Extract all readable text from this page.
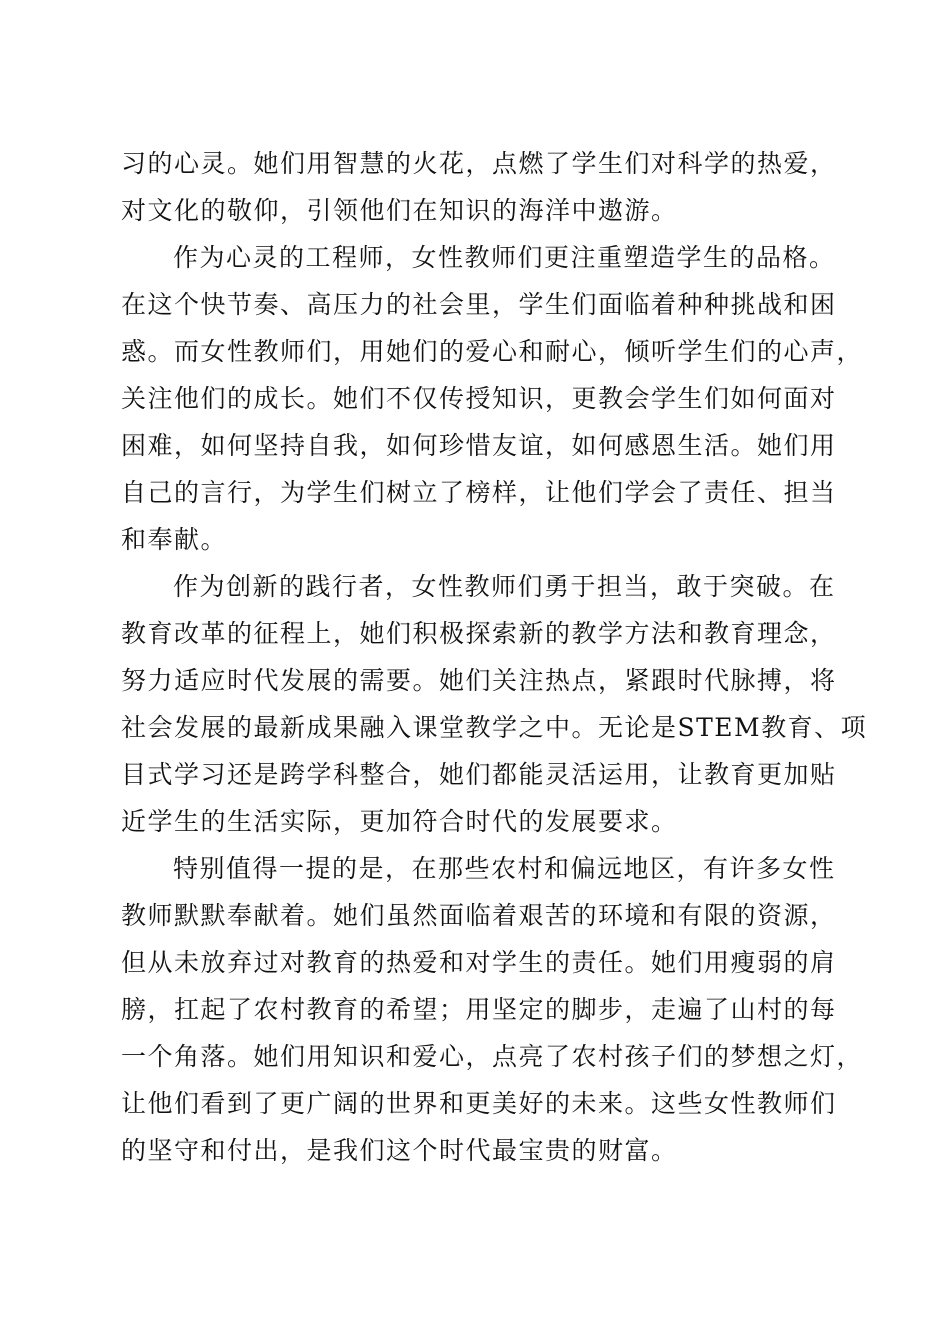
习的心灵。她们用智慧的火花，点燃了学生们对科学的热爱，
对文化的敬仰，引领他们在知识的海洋中遨游。
作为心灵的工程师，女性教师们更注重塑造学生的品格。
在这个快节奏、高压力的社会里，学生们面临着种种挑战和困
惑。而女性教师们，用她们的爱心和耐心，倾听学生们的心声，
关注他们的成长。她们不仅传授知识，更教会学生们如何面对
困难，如何坚持自我，如何珍惜友谊，如何感恩生活。她们用
自己的言行，为学生们树立了榜样，让他们学会了责任、担当
和奉献。
作为创新的践行者，女性教师们勇于担当，敢于突破。在
教育改革的征程上，她们积极探索新的教学方法和教育理念，
努力适应时代发展的需要。她们关注热点，紧跟时代脉搏，将
社会发展的最新成果融入课堂教学之中。无论是STEM教育、项
目式学习还是跨学科整合，她们都能灵活运用，让教育更加贴
近学生的生活实际，更加符合时代的发展要求。
特别值得一提的是，在那些农村和偏远地区，有许多女性
教师默默奉献着。她们虽然面临着艰苦的环境和有限的资源，
但从未放弃过对教育的热爱和对学生的责任。她们用瘦弱的肩
膀，扛起了农村教育的希望；用坚定的脚步，走遍了山村的每
一个角落。她们用知识和爱心，点亮了农村孩子们的梦想之灯，
让他们看到了更广阔的世界和更美好的未来。这些女性教师们
的坚守和付出，是我们这个时代最宝贵的财富。
